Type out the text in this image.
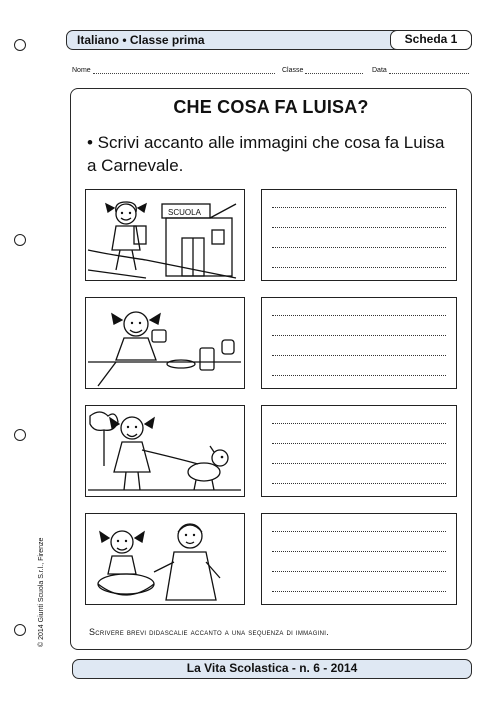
Italiano • Classe prima	Scheda 1
Nome	Classe	Data
CHE COSA FA LUISA?
• Scrivi accanto alle immagini che cosa fa Luisa a Carnevale.
SCUOLA
Scrivere brevi didascalie accanto a una sequenza di immagini.
© 2014 Giunti Scuola S.r.l., Firenze
La Vita Scolastica - n. 6 - 2014
